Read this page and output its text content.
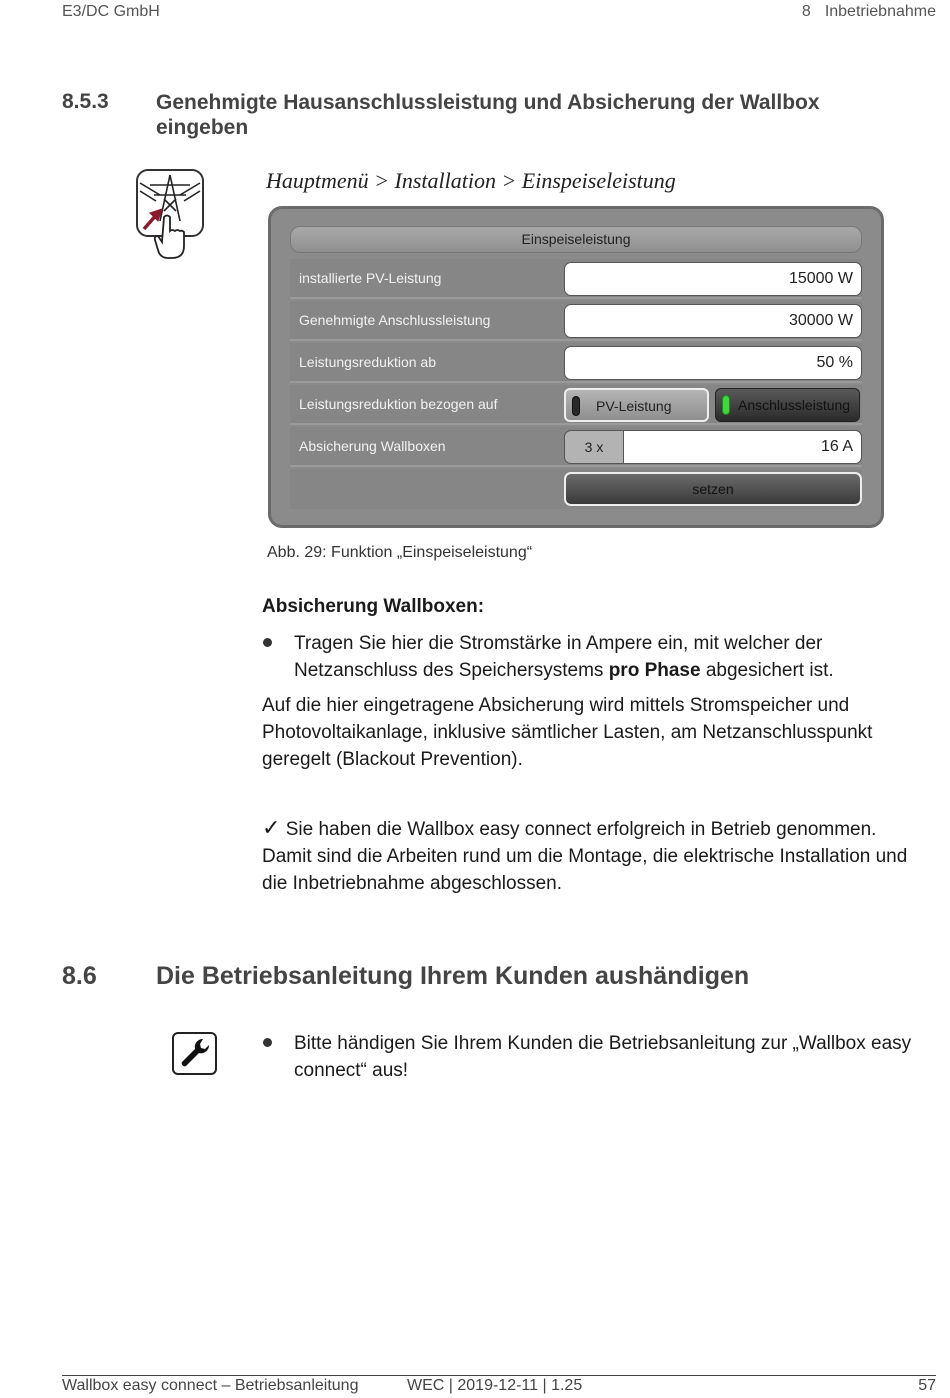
E3/DC GmbH	8 Inbetriebnahme
8.5.3 Genehmigte Hausanschlussleistung und Absicherung der Wallbox eingeben
Hauptmenü > Installation > Einspeiseleistung
Einspeiseleistung
installierte PV-Leistung	15000 W
Genehmigte Anschlussleistung	30000 W
Leistungsreduktion ab	50 %
Leistungsreduktion bezogen auf	PV-Leistung	Anschlussleistung
Absicherung Wallboxen	3 x	16 A
setzen
Abb. 29: Funktion „Einspeiseleistung“
Absicherung Wallboxen:
Tragen Sie hier die Stromstärke in Ampere ein, mit welcher der Netzanschluss des Speichersystems pro Phase abgesichert ist.
Auf die hier eingetragene Absicherung wird mittels Stromspeicher und Photovoltaikanlage, inklusive sämtlicher Lasten, am Netzanschlusspunkt geregelt (Blackout Prevention).
✓ Sie haben die Wallbox easy connect erfolgreich in Betrieb genommen. Damit sind die Arbeiten rund um die Montage, die elektrische Installation und die Inbetriebnahme abgeschlossen.
8.6 Die Betriebsanleitung Ihrem Kunden aushändigen
Bitte händigen Sie Ihrem Kunden die Betriebsanleitung zur „Wallbox easy connect“ aus!
Wallbox easy connect – Betriebsanleitung	WEC | 2019-12-11 | 1.25	57
